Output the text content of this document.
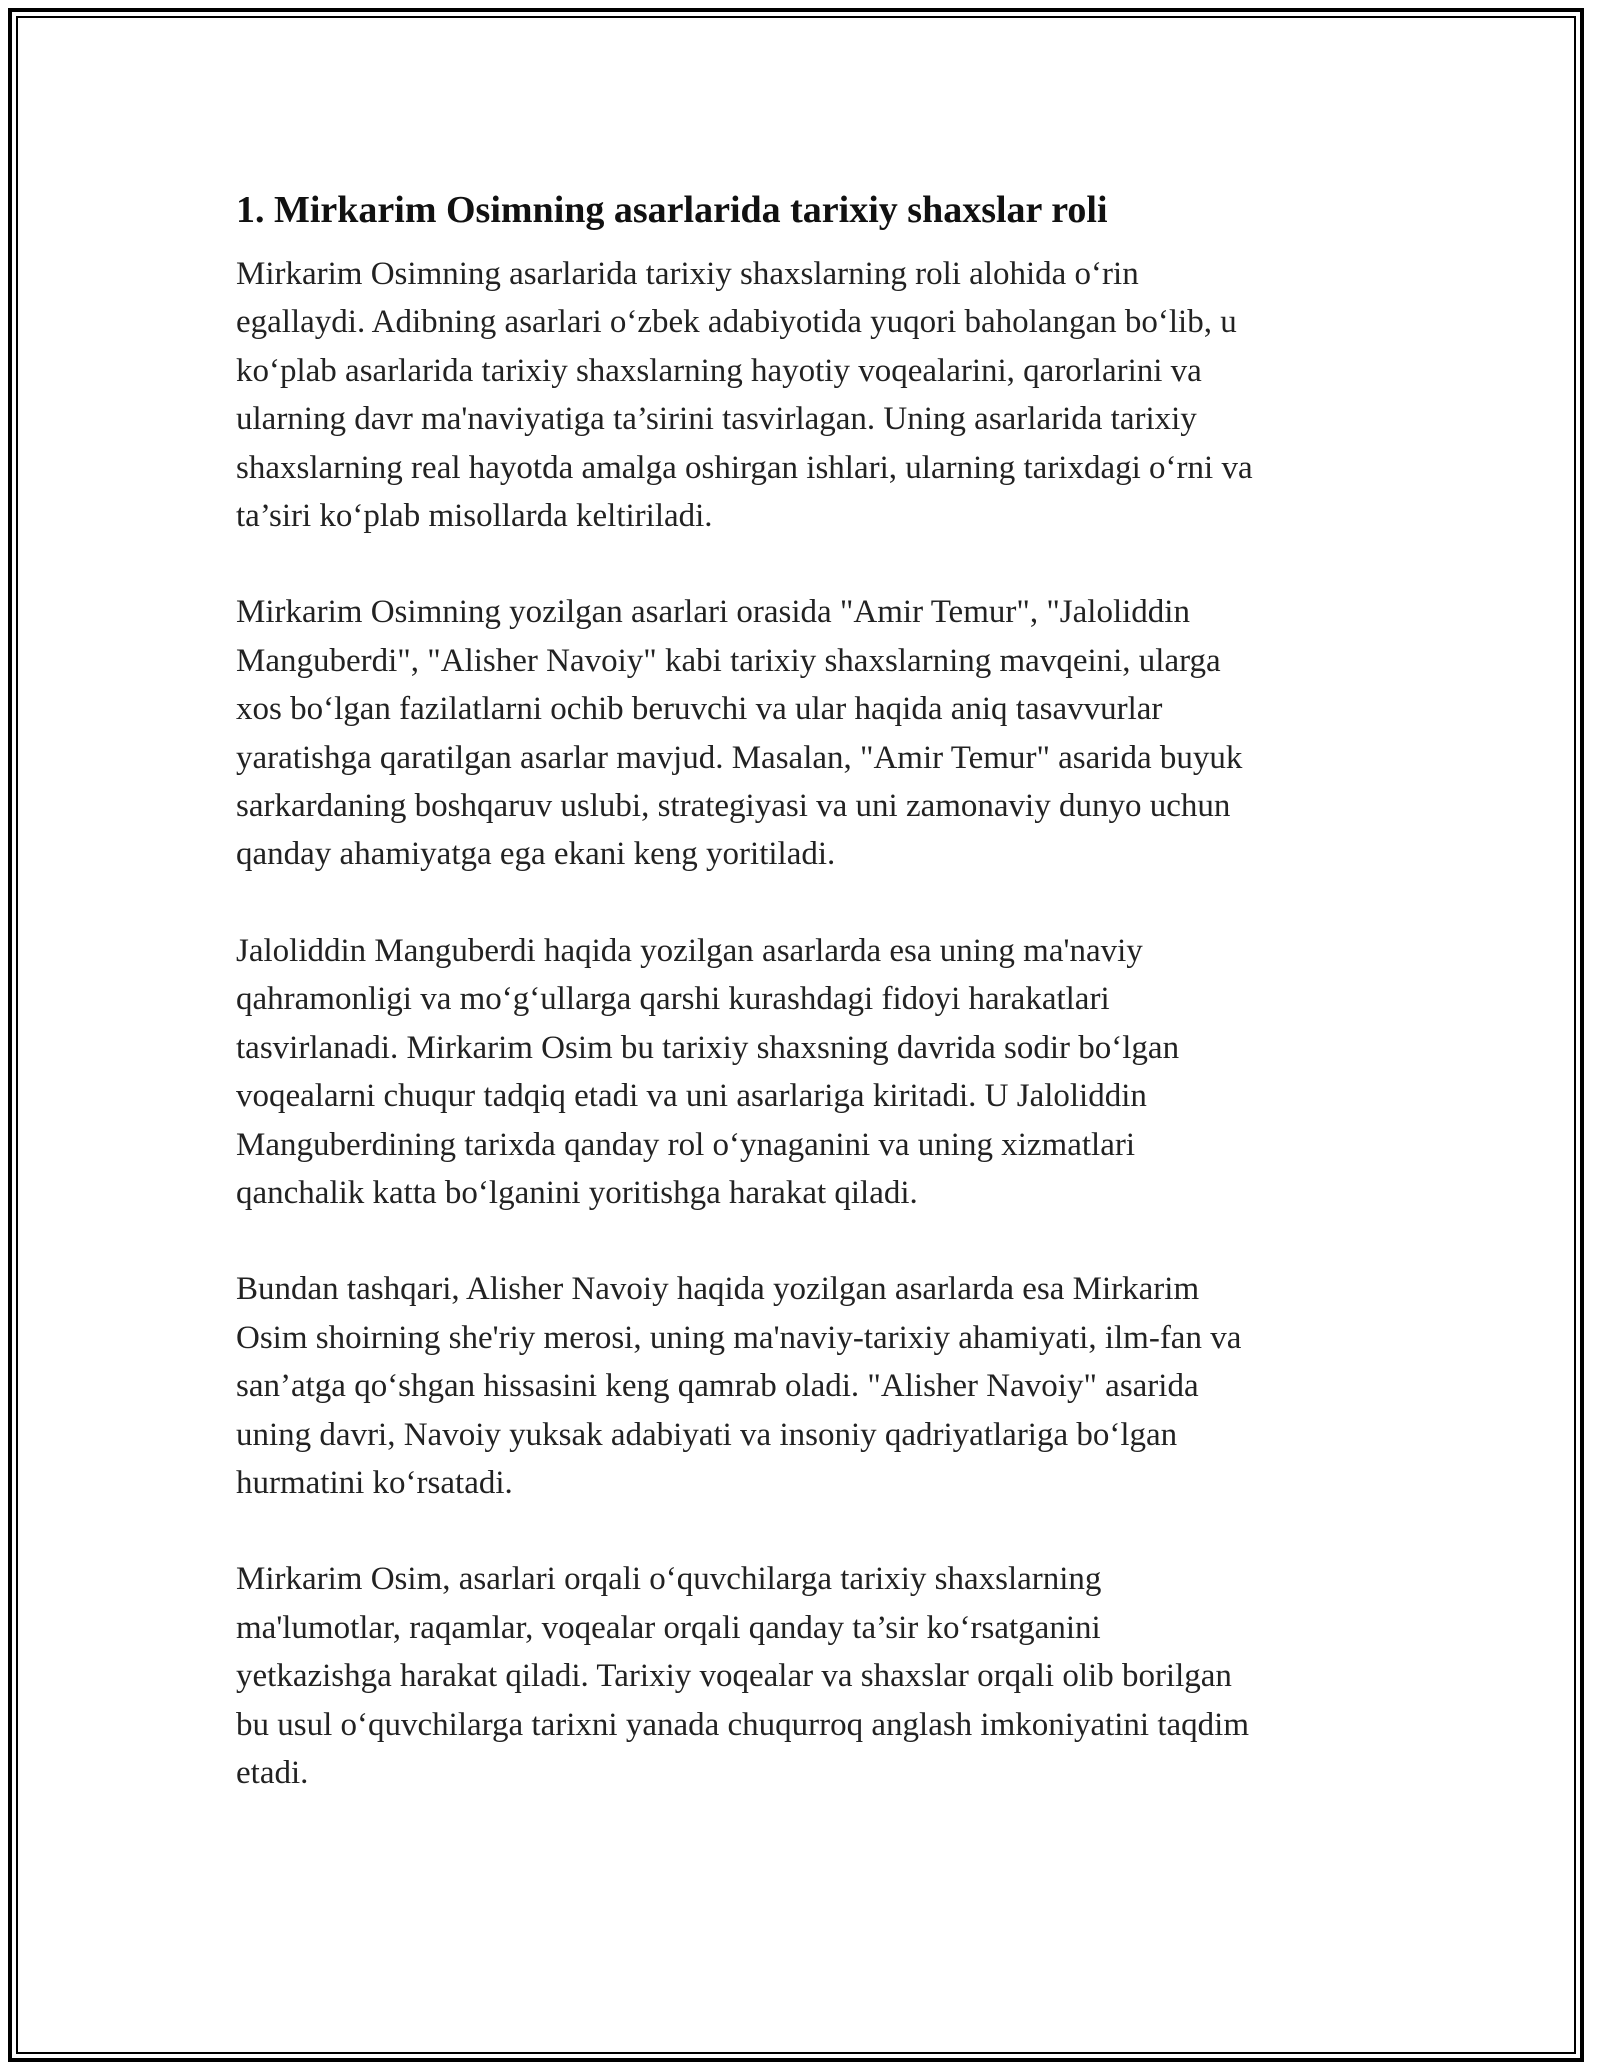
1. Mirkarim Osimning asarlarida tarixiy shaxslar roli

Mirkarim Osimning asarlarida tarixiy shaxslarning roli alohida o‘rin
egallaydi. Adibning asarlari o‘zbek adabiyotida yuqori baholangan bo‘lib, u
ko‘plab asarlarida tarixiy shaxslarning hayotiy voqealarini, qarorlarini va
ularning davr ma'naviyatiga ta’sirini tasvirlagan. Uning asarlarida tarixiy
shaxslarning real hayotda amalga oshirgan ishlari, ularning tarixdagi o‘rni va
ta’siri ko‘plab misollarda keltiriladi.

Mirkarim Osimning yozilgan asarlari orasida "Amir Temur", "Jaloliddin
Manguberdi", "Alisher Navoiy" kabi tarixiy shaxslarning mavqeini, ularga
xos bo‘lgan fazilatlarni ochib beruvchi va ular haqida aniq tasavvurlar
yaratishga qaratilgan asarlar mavjud. Masalan, "Amir Temur" asarida buyuk
sarkardaning boshqaruv uslubi, strategiyasi va uni zamonaviy dunyo uchun
qanday ahamiyatga ega ekani keng yoritiladi.

Jaloliddin Manguberdi haqida yozilgan asarlarda esa uning ma'naviy
qahramonligi va mo‘g‘ullarga qarshi kurashdagi fidoyi harakatlari
tasvirlanadi. Mirkarim Osim bu tarixiy shaxsning davrida sodir bo‘lgan
voqealarni chuqur tadqiq etadi va uni asarlariga kiritadi. U Jaloliddin
Manguberdining tarixda qanday rol o‘ynaganini va uning xizmatlari
qanchalik katta bo‘lganini yoritishga harakat qiladi.

Bundan tashqari, Alisher Navoiy haqida yozilgan asarlarda esa Mirkarim
Osim shoirning she'riy merosi, uning ma'naviy-tarixiy ahamiyati, ilm-fan va
san’atga qo‘shgan hissasini keng qamrab oladi. "Alisher Navoiy" asarida
uning davri, Navoiy yuksak adabiyati va insoniy qadriyatlariga bo‘lgan
hurmatini ko‘rsatadi.

Mirkarim Osim, asarlari orqali o‘quvchilarga tarixiy shaxslarning
ma'lumotlar, raqamlar, voqealar orqali qanday ta’sir ko‘rsatganini
yetkazishga harakat qiladi. Tarixiy voqealar va shaxslar orqali olib borilgan
bu usul o‘quvchilarga tarixni yanada chuqurroq anglash imkoniyatini taqdim
etadi.
